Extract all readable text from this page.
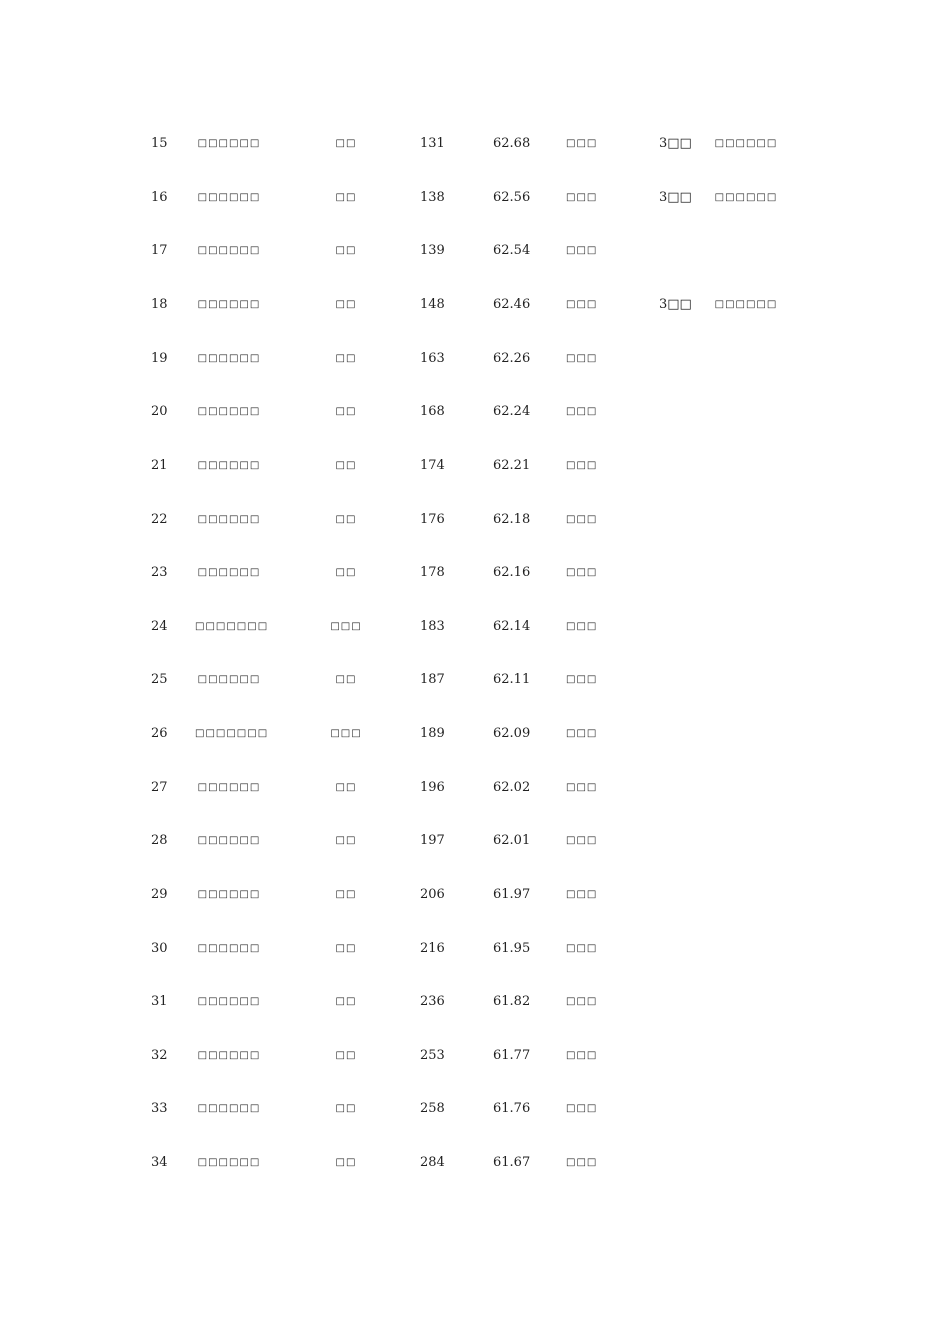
15	□□□□□□	□□	131	62.68	□□□	3□□	□□□□□□
16	□□□□□□	□□	138	62.56	□□□	3□□	□□□□□□
17	□□□□□□	□□	139	62.54	□□□
18	□□□□□□	□□	148	62.46	□□□	3□□	□□□□□□
19	□□□□□□	□□	163	62.26	□□□
20	□□□□□□	□□	168	62.24	□□□
21	□□□□□□	□□	174	62.21	□□□
22	□□□□□□	□□	176	62.18	□□□
23	□□□□□□	□□	178	62.16	□□□
24	□□□□□□□	□□□	183	62.14	□□□
25	□□□□□□	□□	187	62.11	□□□
26	□□□□□□□	□□□	189	62.09	□□□
27	□□□□□□	□□	196	62.02	□□□
28	□□□□□□	□□	197	62.01	□□□
29	□□□□□□	□□	206	61.97	□□□
30	□□□□□□	□□	216	61.95	□□□
31	□□□□□□	□□	236	61.82	□□□
32	□□□□□□	□□	253	61.77	□□□
33	□□□□□□	□□	258	61.76	□□□
34	□□□□□□	□□	284	61.67	□□□
